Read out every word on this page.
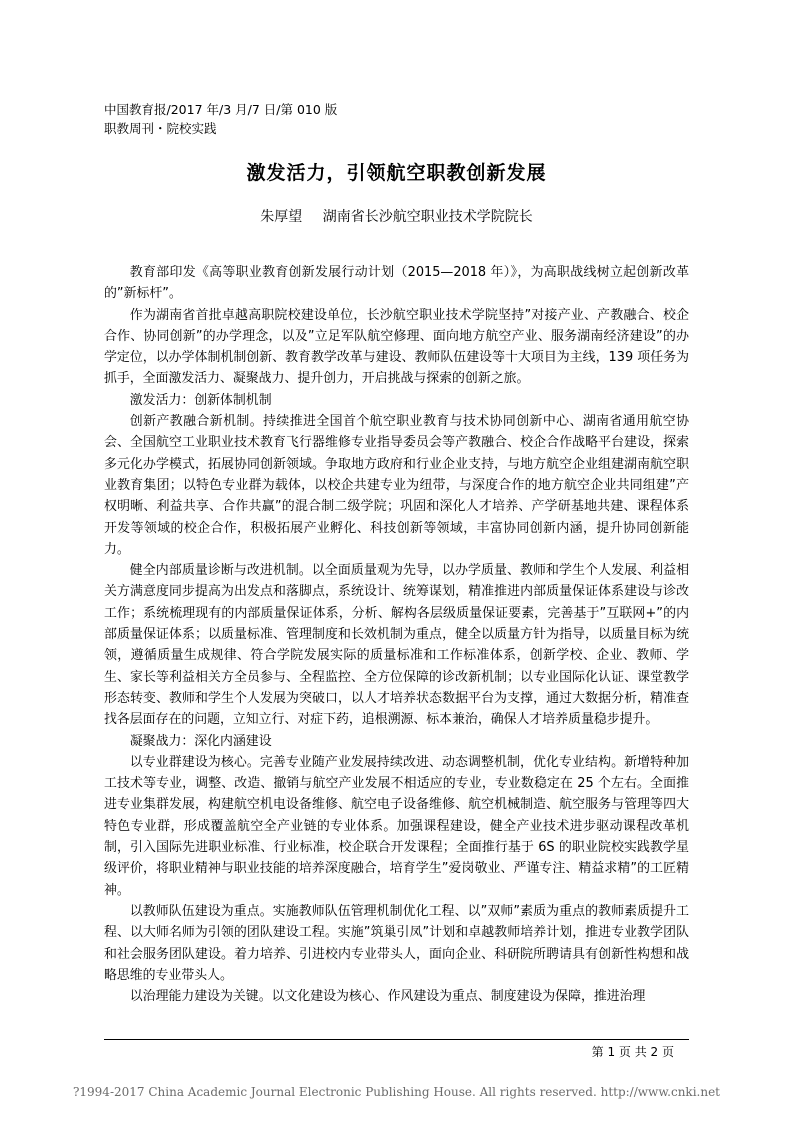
中国教育报/2017 年/3 月/7 日/第 010 版
职教周刊・院校实践
激发活力，引领航空职教创新发展
朱厚望 湖南省长沙航空职业技术学院院长

教育部印发《高等职业教育创新发展行动计划（2015—2018 年）》，为高职战线树立起创新改革的”新标杆”。

作为湖南省首批卓越高职院校建设单位，长沙航空职业技术学院坚持”对接产业、产教融合、校企合作、协同创新”的办学理念，以及”立足军队航空修理、面向地方航空产业、服务湖南经济建设”的办学定位，以办学体制机制创新、教育教学改革与建设、教师队伍建设等十大项目为主线，139 项任务为抓手，全面激发活力、凝聚战力、提升创力，开启挑战与探索的创新之旅。

激发活力：创新体制机制

创新产教融合新机制。持续推进全国首个航空职业教育与技术协同创新中心、湖南省通用航空协会、全国航空工业职业技术教育飞行器维修专业指导委员会等产教融合、校企合作战略平台建设，探索多元化办学模式，拓展协同创新领域。争取地方政府和行业企业支持，与地方航空企业组建湖南航空职业教育集团；以特色专业群为载体，以校企共建专业为纽带，与深度合作的地方航空企业共同组建”产权明晰、利益共享、合作共赢”的混合制二级学院；巩固和深化人才培养、产学研基地共建、课程体系开发等领域的校企合作，积极拓展产业孵化、科技创新等领域，丰富协同创新内涵，提升协同创新能力。

健全内部质量诊断与改进机制。以全面质量观为先导，以办学质量、教师和学生个人发展、利益相关方满意度同步提高为出发点和落脚点，系统设计、统筹谋划，精准推进内部质量保证体系建设与诊改工作；系统梳理现有的内部质量保证体系，分析、解构各层级质量保证要素，完善基于”互联网+”的内部质量保证体系；以质量标准、管理制度和长效机制为重点，健全以质量方针为指导，以质量目标为统领，遵循质量生成规律、符合学院发展实际的质量标准和工作标准体系，创新学校、企业、教师、学生、家长等利益相关方全员参与、全程监控、全方位保障的诊改新机制；以专业国际化认证、课堂教学形态转变、教师和学生个人发展为突破口，以人才培养状态数据平台为支撑，通过大数据分析，精准查找各层面存在的问题，立知立行、对症下药，追根溯源、标本兼治，确保人才培养质量稳步提升。

凝聚战力：深化内涵建设

以专业群建设为核心。完善专业随产业发展持续改进、动态调整机制，优化专业结构。新增特种加工技术等专业，调整、改造、撤销与航空产业发展不相适应的专业，专业数稳定在 25 个左右。全面推进专业集群发展，构建航空机电设备维修、航空电子设备维修、航空机械制造、航空服务与管理等四大特色专业群，形成覆盖航空全产业链的专业体系。加强课程建设，健全产业技术进步驱动课程改革机制，引入国际先进职业标准、行业标准，校企联合开发课程；全面推行基于 6S 的职业院校实践教学星级评价，将职业精神与职业技能的培养深度融合，培育学生”爱岗敬业、严谨专注、精益求精”的工匠精神。

以教师队伍建设为重点。实施教师队伍管理机制优化工程、以”双师”素质为重点的教师素质提升工程、以大师名师为引领的团队建设工程。实施”筑巢引凤”计划和卓越教师培养计划，推进专业教学团队和社会服务团队建设。着力培养、引进校内专业带头人，面向企业、科研院所聘请具有创新性构想和战略思维的专业带头人。

以治理能力建设为关键。以文化建设为核心、作风建设为重点、制度建设为保障，推进治理

第 1 页 共 2 页
?1994-2017 China Academic Journal Electronic Publishing House. All rights reserved. http://www.cnki.net
